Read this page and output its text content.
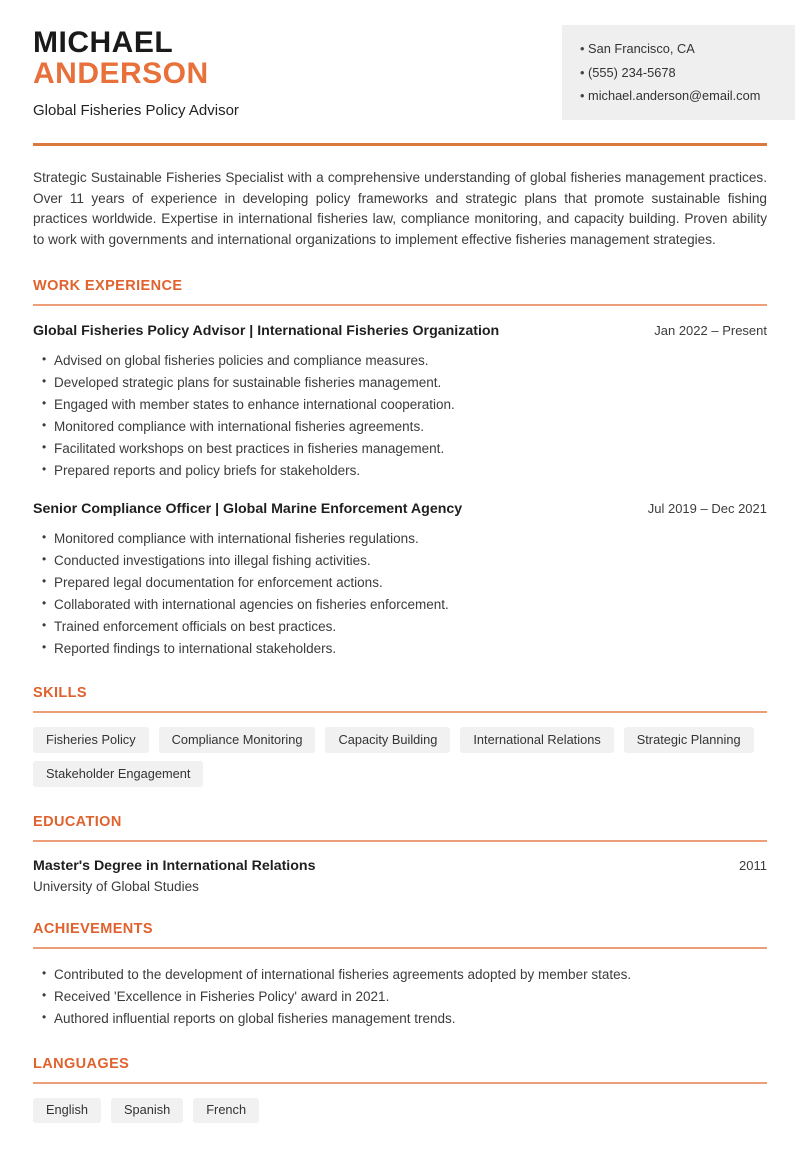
MICHAEL
ANDERSON
Global Fisheries Policy Advisor
• San Francisco, CA
• (555) 234-5678
• michael.anderson@email.com

Strategic Sustainable Fisheries Specialist with a comprehensive understanding of global fisheries management practices. Over 11 years of experience in developing policy frameworks and strategic plans that promote sustainable fishing practices worldwide. Expertise in international fisheries law, compliance monitoring, and capacity building. Proven ability to work with governments and international organizations to implement effective fisheries management strategies.

WORK EXPERIENCE
Global Fisheries Policy Advisor | International Fisheries Organization	Jan 2022 – Present
• Advised on global fisheries policies and compliance measures.
• Developed strategic plans for sustainable fisheries management.
• Engaged with member states to enhance international cooperation.
• Monitored compliance with international fisheries agreements.
• Facilitated workshops on best practices in fisheries management.
• Prepared reports and policy briefs for stakeholders.
Senior Compliance Officer | Global Marine Enforcement Agency	Jul 2019 – Dec 2021
• Monitored compliance with international fisheries regulations.
• Conducted investigations into illegal fishing activities.
• Prepared legal documentation for enforcement actions.
• Collaborated with international agencies on fisheries enforcement.
• Trained enforcement officials on best practices.
• Reported findings to international stakeholders.
SKILLS
Fisheries Policy	Compliance Monitoring	Capacity Building	International Relations	Strategic Planning
Stakeholder Engagement
EDUCATION
Master's Degree in International Relations	2011
University of Global Studies
ACHIEVEMENTS
• Contributed to the development of international fisheries agreements adopted by member states.
• Received 'Excellence in Fisheries Policy' award in 2021.
• Authored influential reports on global fisheries management trends.
LANGUAGES
English	Spanish	French
